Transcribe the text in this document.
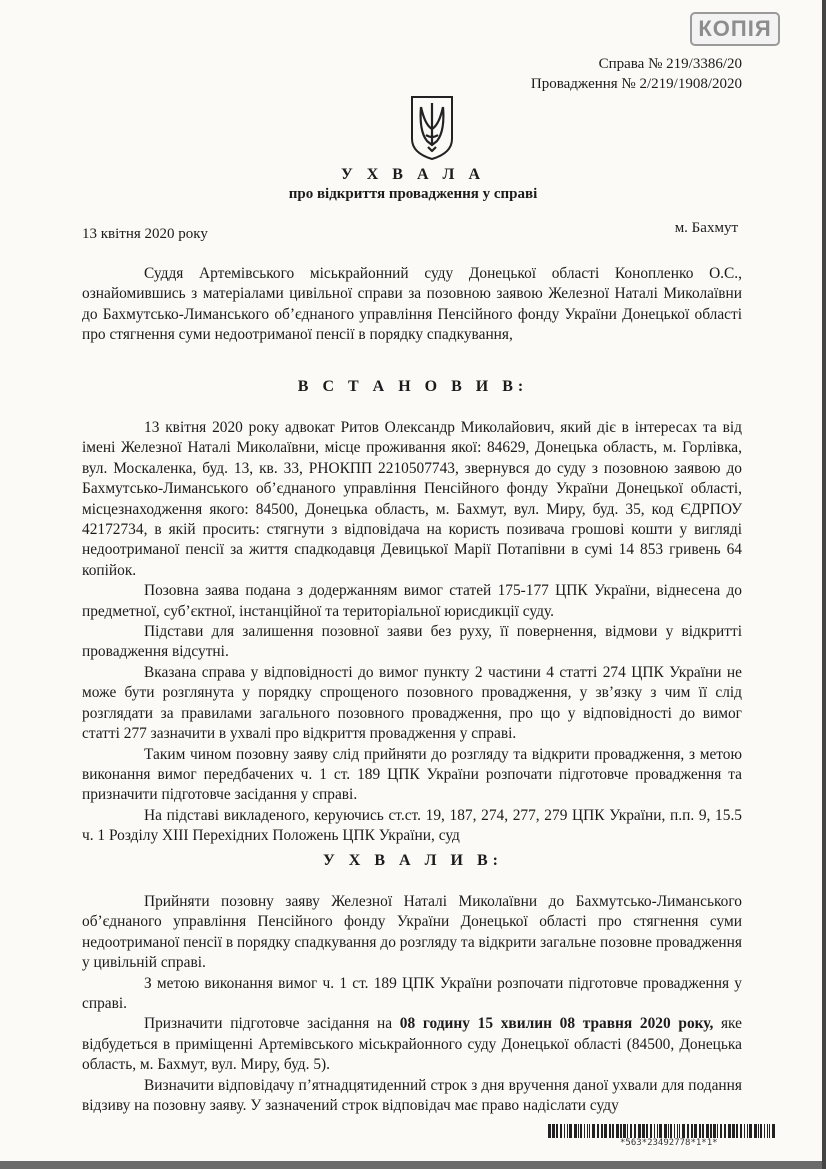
КОПІЯ
Справа № 219/3386/20
Провадження № 2/219/1908/2020
У Х В А Л А
про відкриття провадження у справі
13 квітня 2020 року	м. Бахмут

Суддя Артемівського міськрайонний суду Донецької області Конопленко О.С., ознайомившись з матеріалами цивільної справи за позовною заявою Железної Наталі Миколаївни до Бахмутсько-Лиманського об’єднаного управління Пенсійного фонду України Донецької області про стягнення суми недоотриманої пенсії в порядку спадкування,

В С Т А Н О В И В:

13 квітня 2020 року адвокат Ритов Олександр Миколайович, який діє в інтересах та від імені Железної Наталі Миколаївни, місце проживання якої: 84629, Донецька область, м. Горлівка, вул. Москаленка, буд. 13, кв. 33, РНОКПП 2210507743, звернувся до суду з позовною заявою до Бахмутсько-Лиманського об’єднаного управління Пенсійного фонду України Донецької області, місцезнаходження якого: 84500, Донецька область, м. Бахмут, вул. Миру, буд. 35, код ЄДРПОУ 42172734, в якій просить: стягнути з відповідача на користь позивача грошові кошти у вигляді недоотриманої пенсії за життя спадкодавця Девицької Марії Потапівни в сумі 14 853 гривень 64 копійок.

Позовна заява подана з додержанням вимог статей 175-177 ЦПК України, віднесена до предметної, суб’єктної, інстанційної та територіальної юрисдикції суду.

Підстави для залишення позовної заяви без руху, її повернення, відмови у відкритті провадження відсутні.

Вказана справа у відповідності до вимог пункту 2 частини 4 статті 274 ЦПК України не може бути розглянута у порядку спрощеного позовного провадження, у зв’язку з чим її слід розглядати за правилами загального позовного провадження, про що у відповідності до вимог статті 277 зазначити в ухвалі про відкриття провадження у справі.

Таким чином позовну заяву слід прийняти до розгляду та відкрити провадження, з метою виконання вимог передбачених ч. 1 ст. 189 ЦПК України розпочати підготовче провадження та призначити підготовче засідання у справі.

На підставі викладеного, керуючись ст.ст. 19, 187, 274, 277, 279 ЦПК України, п.п. 9, 15.5 ч. 1 Розділу XIII Перехідних Положень ЦПК України, суд

У Х В А Л И В:

Прийняти позовну заяву Железної Наталі Миколаївни до Бахмутсько-Лиманського об’єднаного управління Пенсійного фонду України Донецької області про стягнення суми недоотриманої пенсії в порядку спадкування до розгляду та відкрити загальне позовне провадження у цивільній справі.

З метою виконання вимог ч. 1 ст. 189 ЦПК України розпочати підготовче провадження у справі.

Призначити підготовче засідання на 08 годину 15 хвилин 08 травня 2020 року, яке відбудеться в приміщенні Артемівського міськрайонного суду Донецької області (84500, Донецька область, м. Бахмут, вул. Миру, буд. 5).

Визначити відповідачу п’ятнадцятиденний строк з дня вручення даної ухвали для подання відзиву на позовну заяву. У зазначений строк відповідач має право надіслати суду

*563*23492778*1*1*
